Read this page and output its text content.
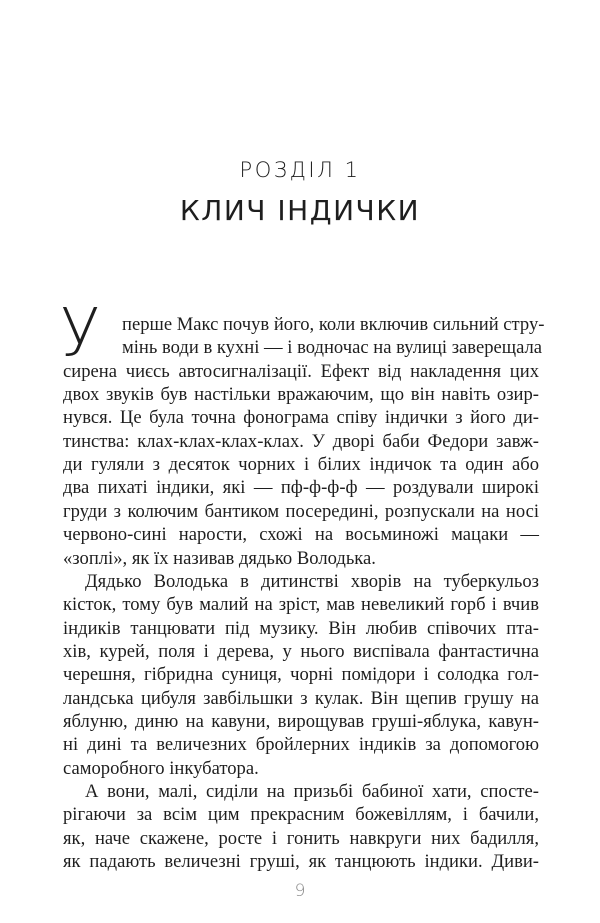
РОЗДІЛ 1
КЛИЧ ІНДИЧКИ
У перше Макс почув його, коли включив сильний стру-
мінь води в кухні — і водночас на вулиці заверещала
сирена чиєсь автосигналізації. Ефект від накладення цих
двох звуків був настільки вражаючим, що він навіть озир-
нувся. Це була точна фонограма співу індички з його ди-
тинства: клах-клах-клах-клах. У дворі баби Федори завж-
ди гуляли з десяток чорних і білих індичок та один або
два пихаті індики, які — пф-ф-ф-ф — роздували широкі
груди з колючим бантиком посередині, розпускали на носі
червоно-сині нарости, схожі на восьминожі мацаки —
«зоплі», як їх називав дядько Володька.
Дядько Володька в дитинстві хворів на туберкульоз
кісток, тому був малий на зріст, мав невеликий горб і вчив
індиків танцювати під музику. Він любив співочих пта-
хів, курей, поля і дерева, у нього виспівала фантастична
черешня, гібридна суниця, чорні помідори і солодка гол-
ландська цибуля завбільшки з кулак. Він щепив грушу на
яблуню, диню на кавуни, вирощував груші-яблука, кавун-
ні дині та величезних бройлерних індиків за допомогою
саморобного інкубатора.
А вони, малі, сиділи на призьбі бабиної хати, спосте-
рігаючи за всім цим прекрасним божевіллям, і бачили,
як, наче скажене, росте і гонить навкруги них бадилля,
як падають величезні груші, як танцюють індики. Диви-
9
